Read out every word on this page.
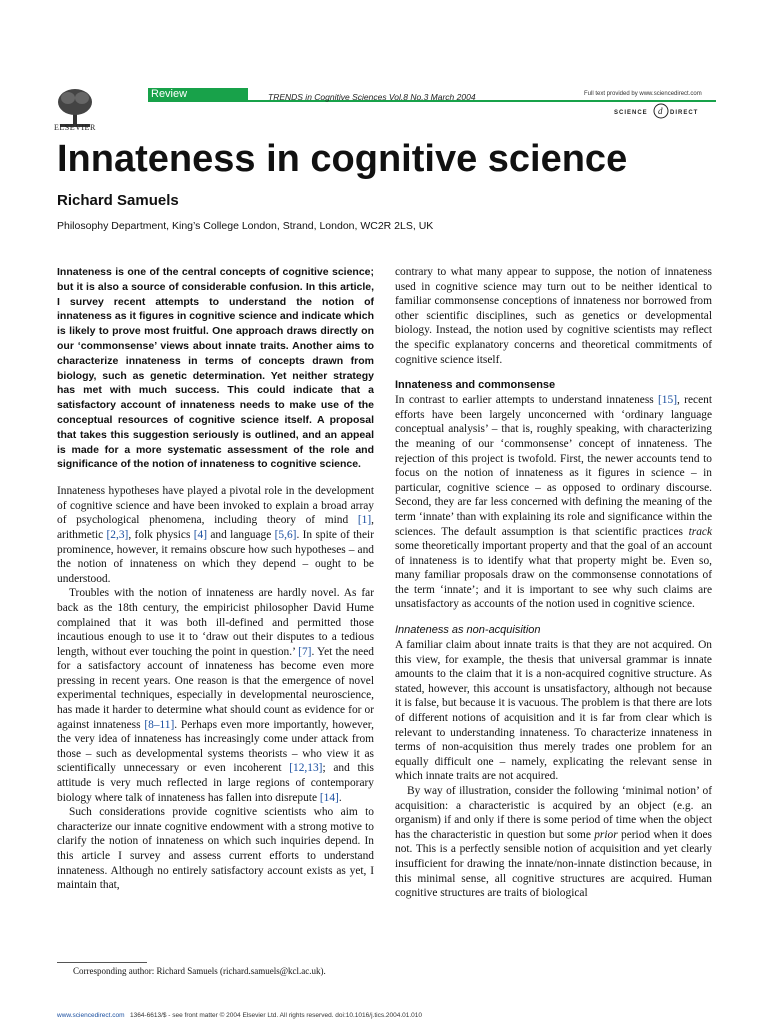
ELSEVIER
Review	TRENDS in Cognitive Sciences Vol.8 No.3 March 2004	Full text provided by www.sciencedirect.com
SCIENCE d DIRECT
Innateness in cognitive science
Richard Samuels
Philosophy Department, King’s College London, Strand, London, WC2R 2LS, UK

Innateness is one of the central concepts of cognitive science; but it is also a source of considerable confusion. In this article, I survey recent attempts to understand the notion of innateness as it figures in cognitive science and indicate which is likely to prove most fruitful. One approach draws directly on our ‘commonsense’ views about innate traits. Another aims to characterize innateness in terms of concepts drawn from biology, such as genetic determination. Yet neither strategy has met with much success. This could indicate that a satisfactory account of innateness needs to make use of the conceptual resources of cognitive science itself. A proposal that takes this suggestion seriously is outlined, and an appeal is made for a more systematic assessment of the role and significance of the notion of innateness to cognitive science.

Innateness hypotheses have played a pivotal role in the development of cognitive science and have been invoked to explain a broad array of psychological phenomena, including theory of mind [1], arithmetic [2,3], folk physics [4] and language [5,6]. In spite of their prominence, however, it remains obscure how such hypotheses – and the notion of innateness on which they depend – ought to be understood.

Troubles with the notion of innateness are hardly novel. As far back as the 18th century, the empiricist philosopher David Hume complained that it was both ill-defined and permitted those incautious enough to use it to ‘draw out their disputes to a tedious length, without ever touching the point in question.’ [7]. Yet the need for a satisfactory account of innateness has become even more pressing in recent years. One reason is that the emergence of novel experimental techniques, especially in developmental neuroscience, has made it harder to determine what should count as evidence for or against innateness [8–11]. Perhaps even more importantly, however, the very idea of innateness has increasingly come under attack from those – such as developmental systems theorists – who view it as scientifically unnecessary or even incoherent [12,13]; and this attitude is very much reflected in large regions of contemporary biology where talk of innateness has fallen into disrepute [14].

Such considerations provide cognitive scientists who aim to characterize our innate cognitive endowment with a strong motive to clarify the notion of innateness on which such inquiries depend. In this article I survey and assess current efforts to understand innateness. Although no entirely satisfactory account exists as yet, I maintain that,

contrary to what many appear to suppose, the notion of innateness used in cognitive science may turn out to be neither identical to familiar commonsense conceptions of innateness nor borrowed from other scientific disciplines, such as genetics or developmental biology. Instead, the notion used by cognitive scientists may reflect the specific explanatory concerns and theoretical commitments of cognitive science itself.

Innateness and commonsense

In contrast to earlier attempts to understand innateness [15], recent efforts have been largely unconcerned with ‘ordinary language conceptual analysis’ – that is, roughly speaking, with characterizing the meaning of our ‘commonsense’ concept of innateness. The rejection of this project is twofold. First, the newer accounts tend to focus on the notion of innateness as it figures in science – in particular, cognitive science – as opposed to ordinary discourse. Second, they are far less concerned with defining the meaning of the term ‘innate’ than with explaining its role and significance within the sciences. The default assumption is that scientific practices track some theoretically important property and that the goal of an account of innateness is to identify what that property might be. Even so, many familiar proposals draw on the commonsense connotations of the term ‘innate’; and it is important to see why such claims are unsatisfactory as accounts of the notion used in cognitive science.

Innateness as non-acquisition

A familiar claim about innate traits is that they are not acquired. On this view, for example, the thesis that universal grammar is innate amounts to the claim that it is a non-acquired cognitive structure. As stated, however, this account is unsatisfactory, although not because it is false, but because it is vacuous. The problem is that there are lots of different notions of acquisition and it is far from clear which is relevant to understanding innateness. To characterize innateness in terms of non-acquisition thus merely trades one problem for an equally difficult one – namely, explicating the relevant sense in which innate traits are not acquired.

By way of illustration, consider the following ‘minimal notion’ of acquisition: a characteristic is acquired by an object (e.g. an organism) if and only if there is some period of time when the object has the characteristic in question but some prior period when it does not. This is a perfectly sensible notion of acquisition and yet clearly insufficient for drawing the innate/non-innate distinction because, in this minimal sense, all cognitive structures are acquired. Human cognitive structures are traits of biological

Corresponding author: Richard Samuels (richard.samuels@kcl.ac.uk).
www.sciencedirect.com 1364-6613/$ - see front matter © 2004 Elsevier Ltd. All rights reserved. doi:10.1016/j.tics.2004.01.010
